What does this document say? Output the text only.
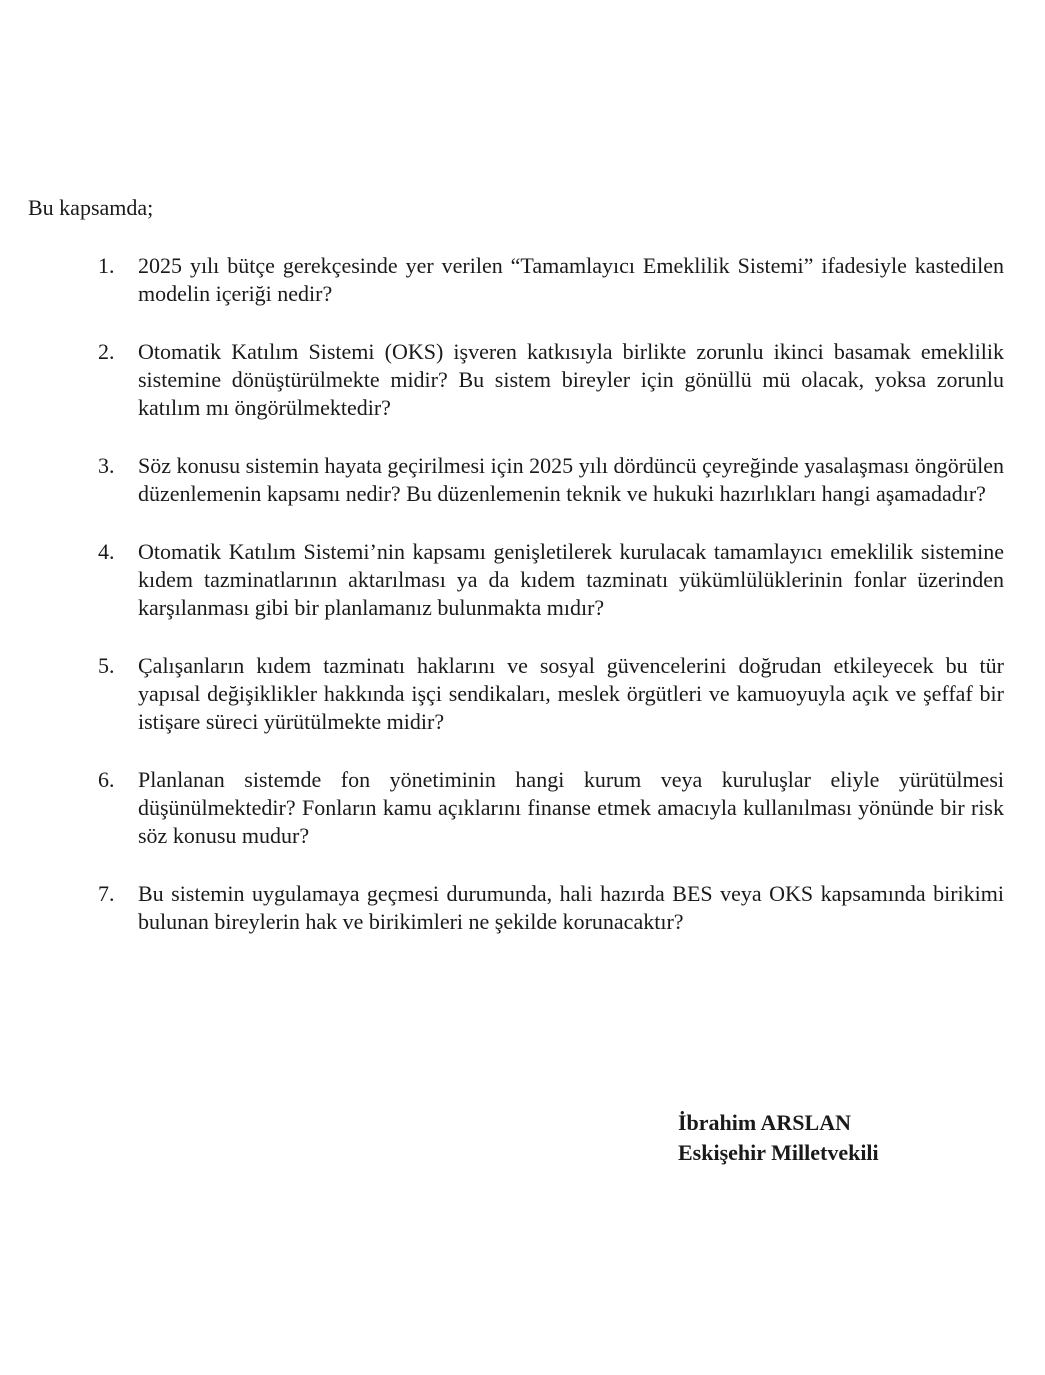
Bu kapsamda;

1. 2025 yılı bütçe gerekçesinde yer verilen “Tamamlayıcı Emeklilik Sistemi” ifadesiyle kastedilen modelin içeriği nedir?

2. Otomatik Katılım Sistemi (OKS) işveren katkısıyla birlikte zorunlu ikinci basamak emeklilik sistemine dönüştürülmekte midir? Bu sistem bireyler için gönüllü mü olacak, yoksa zorunlu katılım mı öngörülmektedir?

3. Söz konusu sistemin hayata geçirilmesi için 2025 yılı dördüncü çeyreğinde yasalaşması öngörülen düzenlemenin kapsamı nedir? Bu düzenlemenin teknik ve hukuki hazırlıkları hangi aşamadadır?

4. Otomatik Katılım Sistemi’nin kapsamı genişletilerek kurulacak tamamlayıcı emeklilik sistemine kıdem tazminatlarının aktarılması ya da kıdem tazminatı yükümlülüklerinin fonlar üzerinden karşılanması gibi bir planlamanız bulunmakta mıdır?

5. Çalışanların kıdem tazminatı haklarını ve sosyal güvencelerini doğrudan etkileyecek bu tür yapısal değişiklikler hakkında işçi sendikaları, meslek örgütleri ve kamuoyuyla açık ve şeffaf bir istişare süreci yürütülmekte midir?

6. Planlanan sistemde fon yönetiminin hangi kurum veya kuruluşlar eliyle yürütülmesi düşünülmektedir? Fonların kamu açıklarını finanse etmek amacıyla kullanılması yönünde bir risk söz konusu mudur?

7. Bu sistemin uygulamaya geçmesi durumunda, hali hazırda BES veya OKS kapsamında birikimi bulunan bireylerin hak ve birikimleri ne şekilde korunacaktır?

İbrahim ARSLAN
Eskişehir Milletvekili
